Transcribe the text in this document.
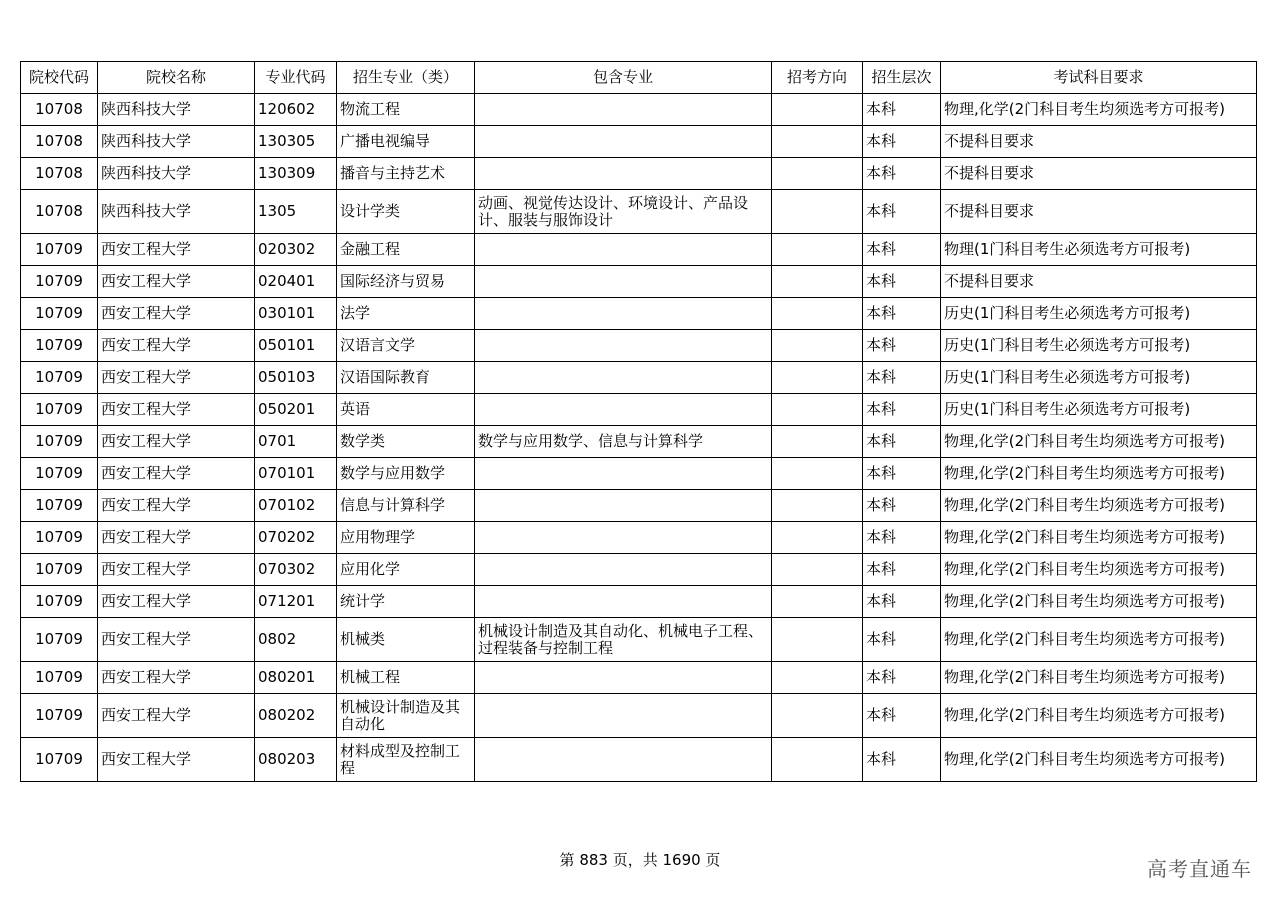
院校代码	院校名称	专业代码	招生专业（类）	包含专业	招考方向	招生层次	考试科目要求
10708	陕西科技大学	120602	物流工程			本科	物理,化学(2门科目考生均须选考方可报考)
10708	陕西科技大学	130305	广播电视编导			本科	不提科目要求
10708	陕西科技大学	130309	播音与主持艺术			本科	不提科目要求
10708	陕西科技大学	1305	设计学类	动画、视觉传达设计、环境设计、产品设计、服装与服饰设计		本科	不提科目要求
10709	西安工程大学	020302	金融工程			本科	物理(1门科目考生必须选考方可报考)
10709	西安工程大学	020401	国际经济与贸易			本科	不提科目要求
10709	西安工程大学	030101	法学			本科	历史(1门科目考生必须选考方可报考)
10709	西安工程大学	050101	汉语言文学			本科	历史(1门科目考生必须选考方可报考)
10709	西安工程大学	050103	汉语国际教育			本科	历史(1门科目考生必须选考方可报考)
10709	西安工程大学	050201	英语			本科	历史(1门科目考生必须选考方可报考)
10709	西安工程大学	0701	数学类	数学与应用数学、信息与计算科学		本科	物理,化学(2门科目考生均须选考方可报考)
10709	西安工程大学	070101	数学与应用数学			本科	物理,化学(2门科目考生均须选考方可报考)
10709	西安工程大学	070102	信息与计算科学			本科	物理,化学(2门科目考生均须选考方可报考)
10709	西安工程大学	070202	应用物理学			本科	物理,化学(2门科目考生均须选考方可报考)
10709	西安工程大学	070302	应用化学			本科	物理,化学(2门科目考生均须选考方可报考)
10709	西安工程大学	071201	统计学			本科	物理,化学(2门科目考生均须选考方可报考)
10709	西安工程大学	0802	机械类	机械设计制造及其自动化、机械电子工程、过程装备与控制工程		本科	物理,化学(2门科目考生均须选考方可报考)
10709	西安工程大学	080201	机械工程			本科	物理,化学(2门科目考生均须选考方可报考)
10709	西安工程大学	080202	机械设计制造及其自动化			本科	物理,化学(2门科目考生均须选考方可报考)
10709	西安工程大学	080203	材料成型及控制工程			本科	物理,化学(2门科目考生均须选考方可报考)
第 883 页，共 1690 页	高考直通车
